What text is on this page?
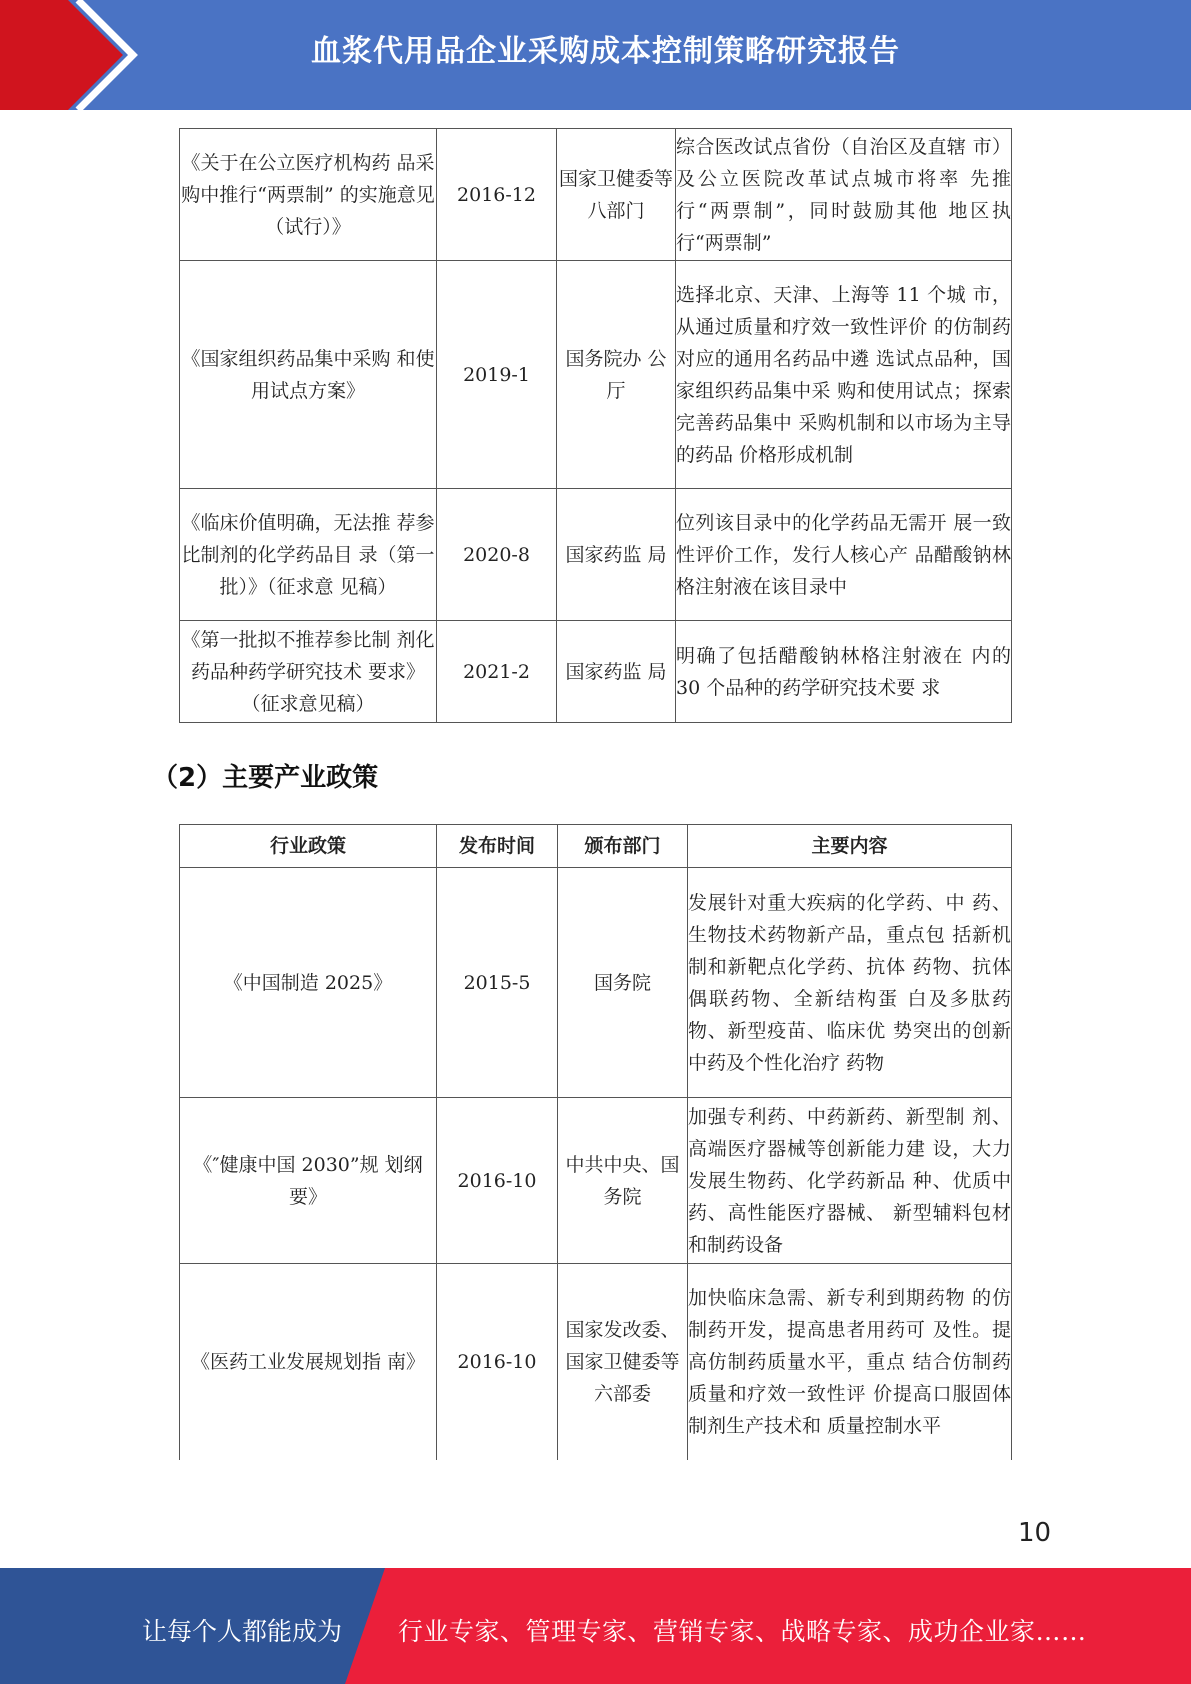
血浆代用品企业采购成本控制策略研究报告
《关于在公立医疗机构药 品采购中推行“两票制” 的实施意见（试行）》	2016-12	国家卫健委等八部门	综合医改试点省份（自治区及直辖 市）及公立医院改革试点城市将率 先推行“两票制”，同时鼓励其他 地区执行“两票制”
《国家组织药品集中采购 和使用试点方案》	2019-1	国务院办 公厅	选择北京、天津、上海等 11 个城 市，从通过质量和疗效一致性评价 的仿制药对应的通用名药品中遴 选试点品种，国家组织药品集中采 购和使用试点；探索完善药品集中 采购机制和以市场为主导的药品 价格形成机制
《临床价值明确，无法推 荐参比制剂的化学药品目 录（第一批）》（征求意 见稿）	2020-8	国家药监 局	位列该目录中的化学药品无需开 展一致性评价工作，发行人核心产 品醋酸钠林格注射液在该目录中
《第一批拟不推荐参比制 剂化药品种药学研究技术 要求》（征求意见稿）	2021-2	国家药监 局	明确了包括醋酸钠林格注射液在 内的 30 个品种的药学研究技术要 求
（2）主要产业政策
行业政策	发布时间	颁布部门	主要内容
《中国制造 2025》	2015-5	国务院	发展针对重大疾病的化学药、中 药、生物技术药物新产品，重点包 括新机制和新靶点化学药、抗体 药物、抗体偶联药物、全新结构蛋 白及多肽药物、新型疫苗、临床优 势突出的创新中药及个性化治疗 药物
《″健康中国 2030”规 划纲要》	2016-10	中共中央、国务院	加强专利药、中药新药、新型制 剂、高端医疗器械等创新能力建 设，大力发展生物药、化学药新品 种、优质中药、高性能医疗器械、 新型辅料包材和制药设备
《医药工业发展规划指 南》	2016-10	国家发改委、国家卫健委等六部委	加快临床急需、新专利到期药物 的仿制药开发，提高患者用药可 及性。提高仿制药质量水平，重点 结合仿制药质量和疗效一致性评 价提高口服固体制剂生产技术和 质量控制水平
10
让每个人都能成为 行业专家、管理专家、营销专家、战略专家、成功企业家……
